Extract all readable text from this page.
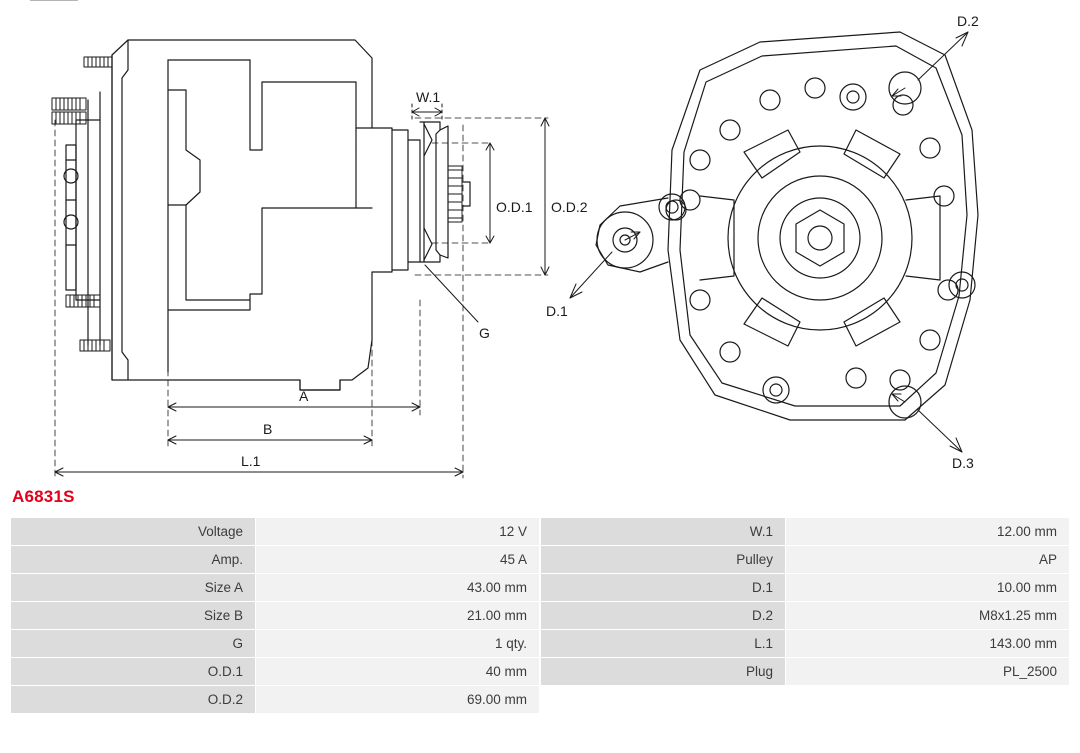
W.1
O.D.1 O.D.2
G
A
B
L.1
D.1
D.2
D.3
A6831S
Voltage	12 V
Amp.	45 A
Size A	43.00 mm
Size B	21.00 mm
G	1 qty.
O.D.1	40 mm
O.D.2	69.00 mm
W.1	12.00 mm
Pulley	AP
D.1	10.00 mm
D.2	M8x1.25 mm
L.1	143.00 mm
Plug	PL_2500
